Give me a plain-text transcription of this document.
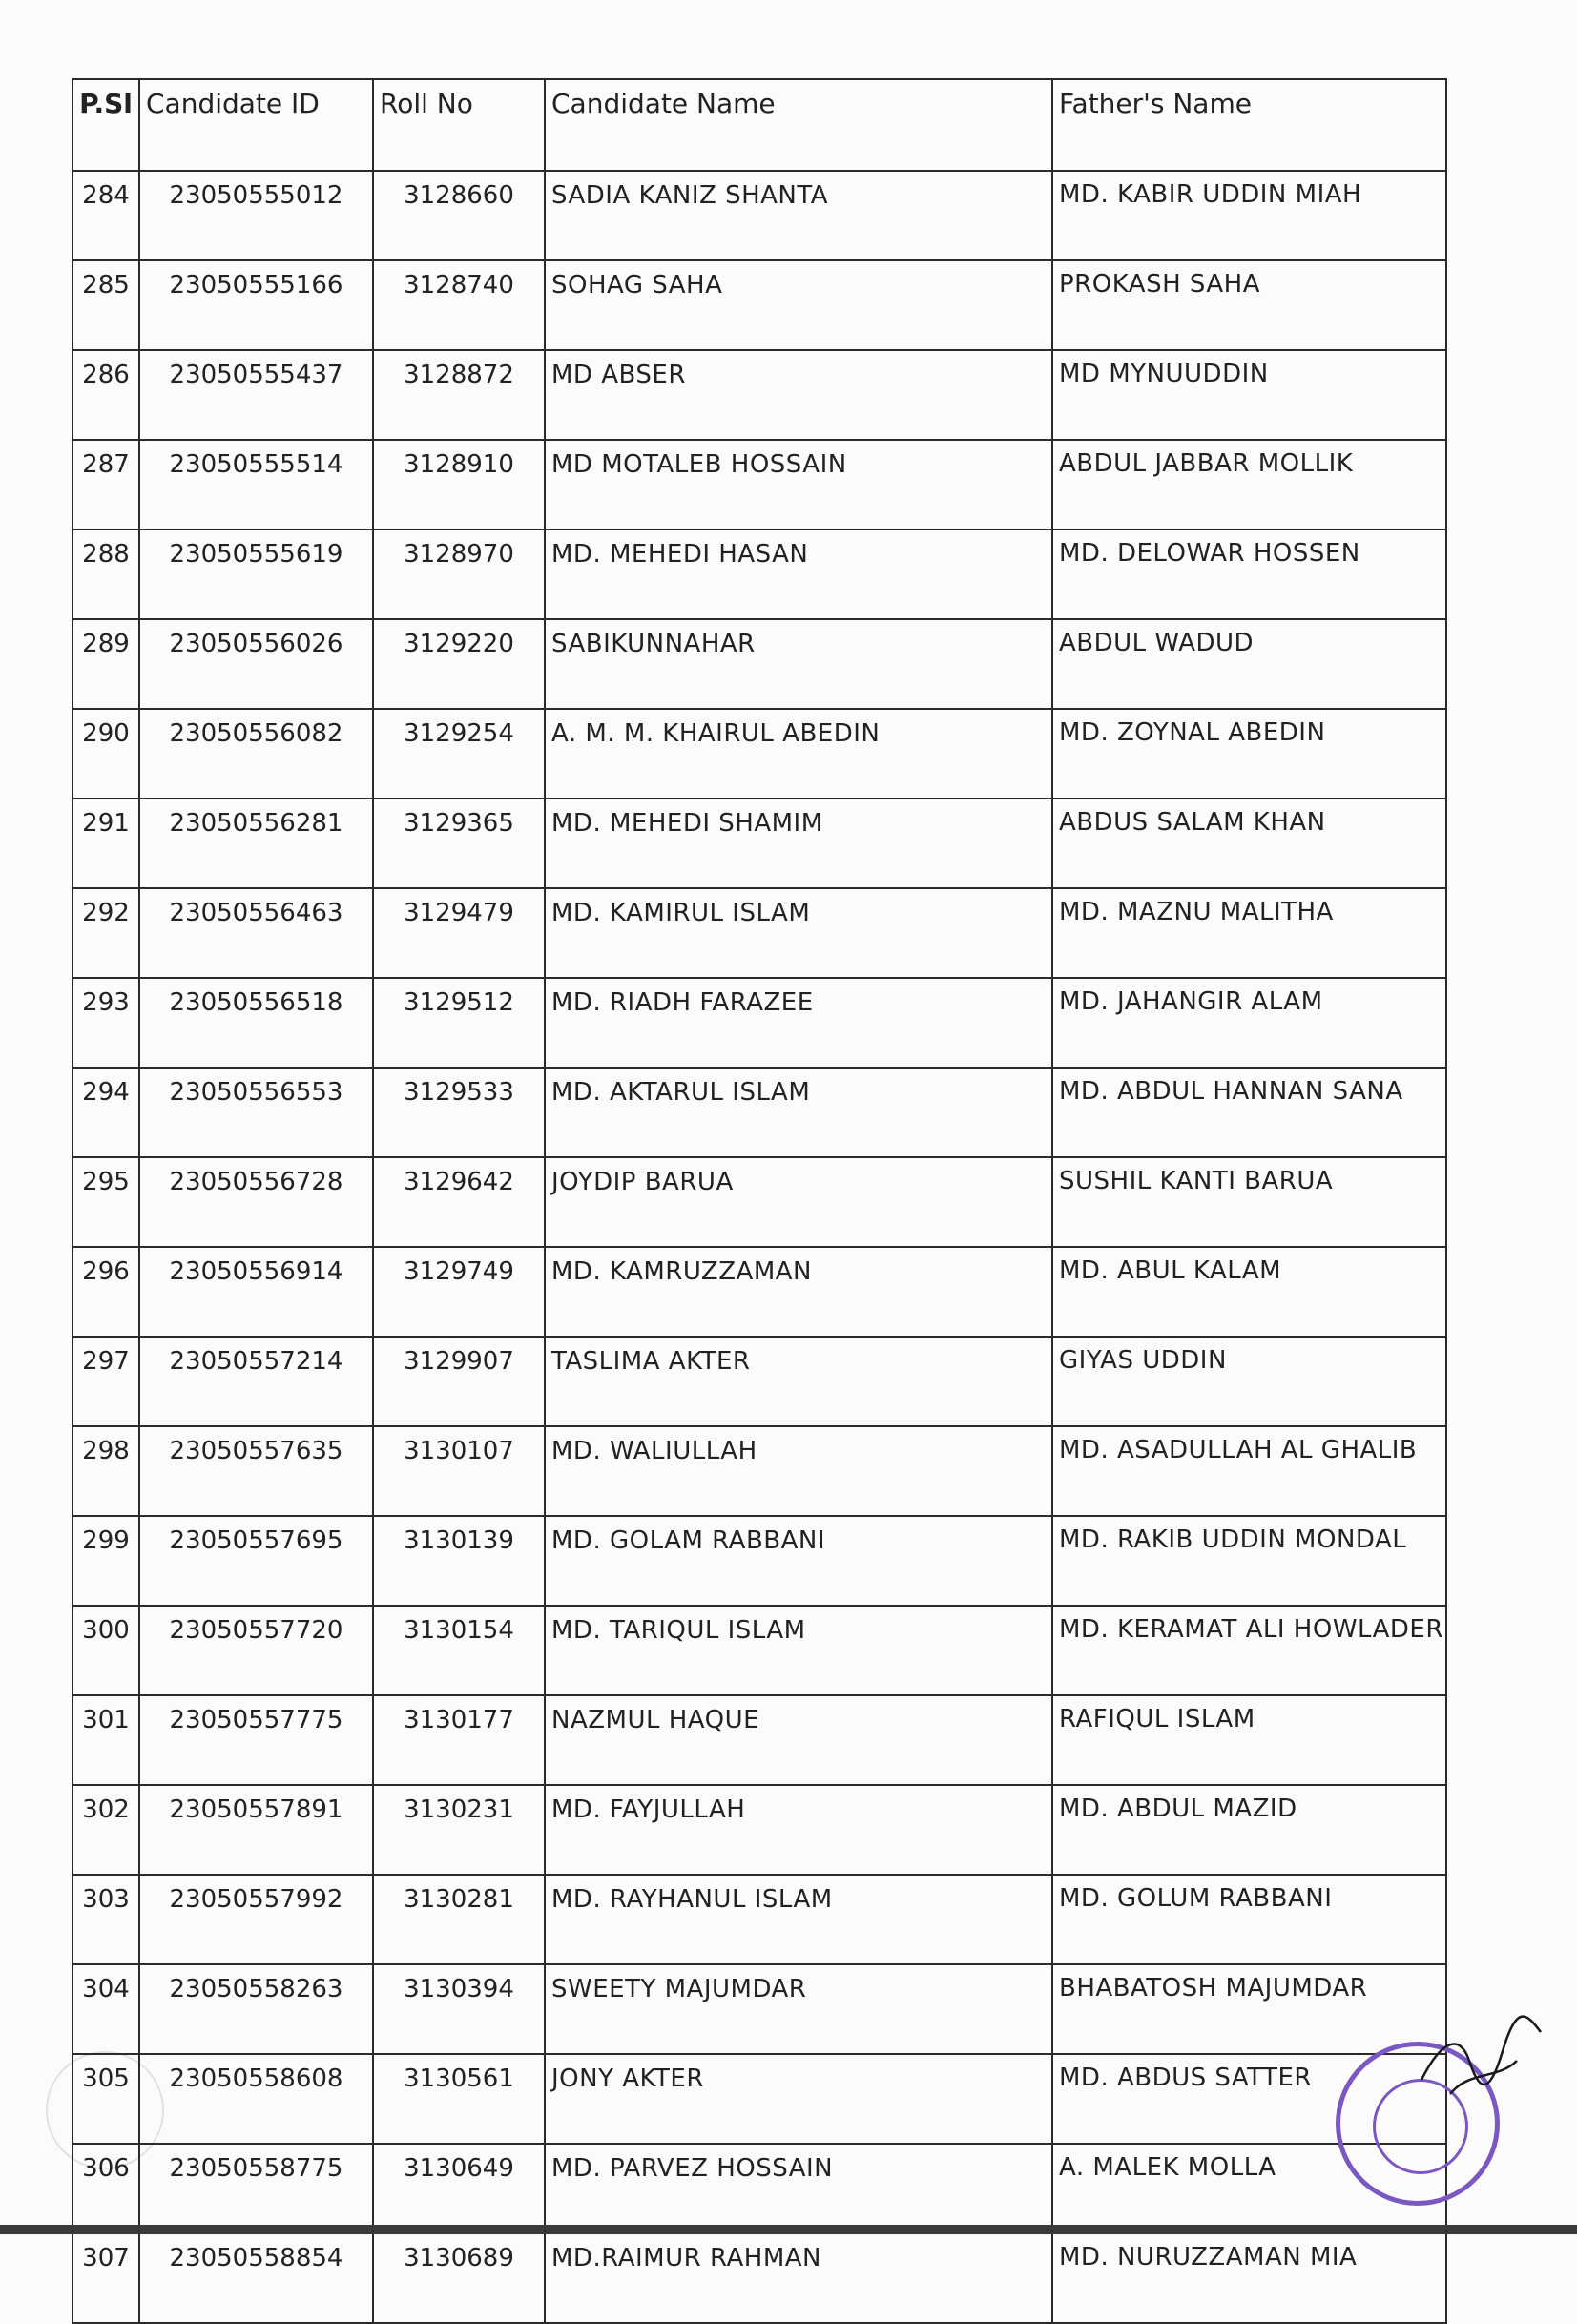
P.Sl	Candidate ID	Roll No	Candidate Name	Father's Name
284	23050555012	3128660	SADIA KANIZ SHANTA	MD. KABIR UDDIN MIAH
285	23050555166	3128740	SOHAG SAHA	PROKASH SAHA
286	23050555437	3128872	MD ABSER	MD MYNUUDDIN
287	23050555514	3128910	MD MOTALEB HOSSAIN	ABDUL JABBAR MOLLIK
288	23050555619	3128970	MD. MEHEDI HASAN	MD. DELOWAR HOSSEN
289	23050556026	3129220	SABIKUNNAHAR	ABDUL WADUD
290	23050556082	3129254	A. M. M. KHAIRUL ABEDIN	MD. ZOYNAL ABEDIN
291	23050556281	3129365	MD. MEHEDI SHAMIM	ABDUS SALAM KHAN
292	23050556463	3129479	MD. KAMIRUL ISLAM	MD. MAZNU MALITHA
293	23050556518	3129512	MD. RIADH FARAZEE	MD. JAHANGIR ALAM
294	23050556553	3129533	MD. AKTARUL ISLAM	MD. ABDUL HANNAN SANA
295	23050556728	3129642	JOYDIP BARUA	SUSHIL KANTI BARUA
296	23050556914	3129749	MD. KAMRUZZAMAN	MD. ABUL KALAM
297	23050557214	3129907	TASLIMA AKTER	GIYAS UDDIN
298	23050557635	3130107	MD. WALIULLAH	MD. ASADULLAH AL GHALIB
299	23050557695	3130139	MD. GOLAM RABBANI	MD. RAKIB UDDIN MONDAL
300	23050557720	3130154	MD. TARIQUL ISLAM	MD. KERAMAT ALI HOWLADER
301	23050557775	3130177	NAZMUL HAQUE	RAFIQUL ISLAM
302	23050557891	3130231	MD. FAYJULLAH	MD. ABDUL MAZID
303	23050557992	3130281	MD. RAYHANUL ISLAM	MD. GOLUM RABBANI
304	23050558263	3130394	SWEETY MAJUMDAR	BHABATOSH MAJUMDAR
305	23050558608	3130561	JONY AKTER	MD. ABDUS SATTER
306	23050558775	3130649	MD. PARVEZ HOSSAIN	A. MALEK MOLLA
307	23050558854	3130689	MD.RAIMUR RAHMAN	MD. NURUZZAMAN MIA
